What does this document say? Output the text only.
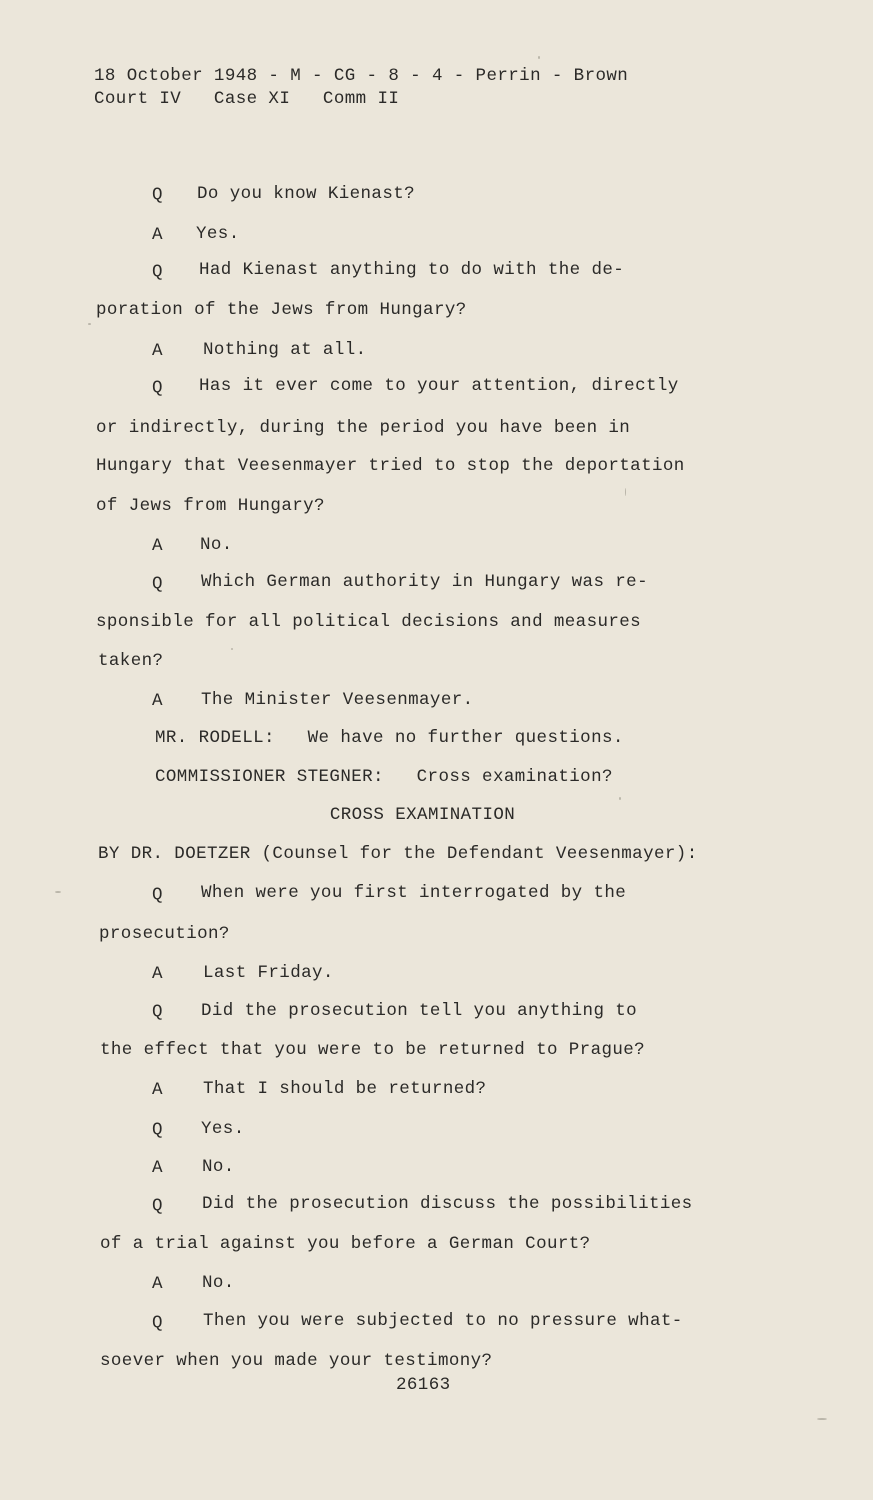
18 October 1948 - M - CG - 8 - 4 - Perrin - Brown
Court IV   Case XI   Comm II
Q	Do you know Kienast?
A	Yes.
Q	Had Kienast anything to do with the de-
poration of the Jews from Hungary?
A	Nothing at all.
Q	Has it ever come to your attention, directly
or indirectly, during the period you have been in
Hungary that Veesenmayer tried to stop the deportation
of Jews from Hungary?
A	No.
Q	Which German authority in Hungary was re-
sponsible for all political decisions and measures
taken?
A	The Minister Veesenmayer.
MR. RODELL:   We have no further questions.
COMMISSIONER STEGNER:   Cross examination?
CROSS EXAMINATION
BY DR. DOETZER (Counsel for the Defendant Veesenmayer):
Q	When were you first interrogated by the
prosecution?
A	Last Friday.
Q	Did the prosecution tell you anything to
the effect that you were to be returned to Prague?
A	That I should be returned?
Q	Yes.
A	No.
Q	Did the prosecution discuss the possibilities
of a trial against you before a German Court?
A	No.
Q	Then you were subjected to no pressure what-
soever when you made your testimony?
26163
